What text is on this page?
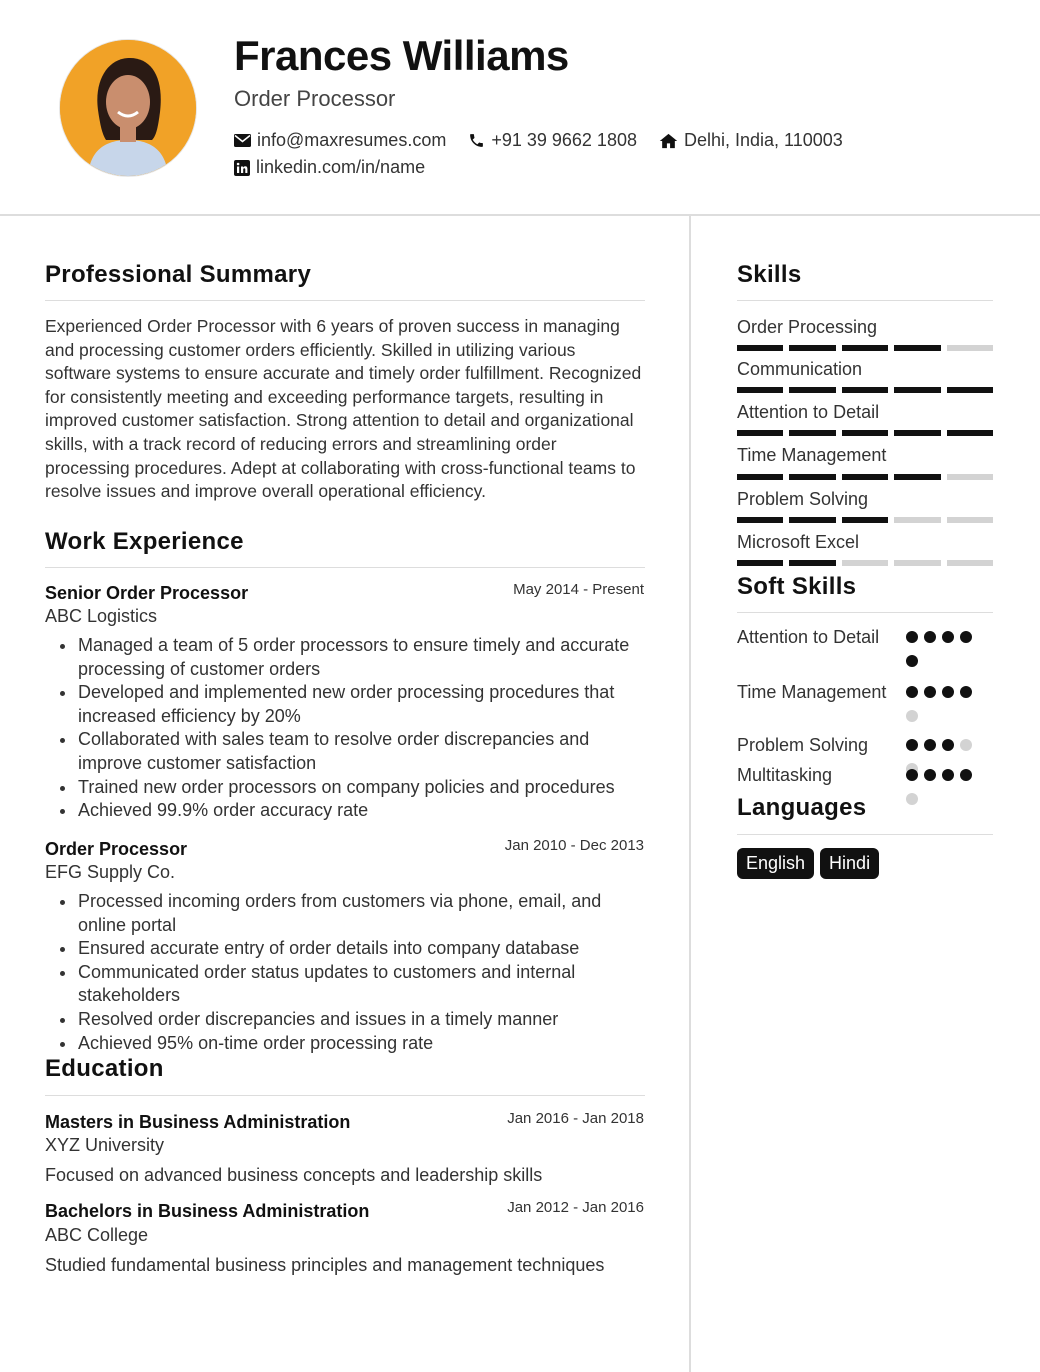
Frances Williams
Order Processor
info@maxresumes.com	+91 39 9662 1808	Delhi, India, 110003
linkedin.com/in/name
Professional Summary

Experienced Order Processor with 6 years of proven success in managing and processing customer orders efficiently. Skilled in utilizing various software systems to ensure accurate and timely order fulfillment. Recognized for consistently meeting and exceeding performance targets, resulting in improved customer satisfaction. Strong attention to detail and organizational skills, with a track record of reducing errors and streamlining order processing procedures. Adept at collaborating with cross-functional teams to resolve issues and improve overall operational efficiency.

Work Experience
Senior Order Processor	May 2014 - Present
ABC Logistics
Managed a team of 5 order processors to ensure timely and accurate processing of customer orders
Developed and implemented new order processing procedures that increased efficiency by 20%
Collaborated with sales team to resolve order discrepancies and improve customer satisfaction
Trained new order processors on company policies and procedures
Achieved 99.9% order accuracy rate
Order Processor	Jan 2010 - Dec 2013
EFG Supply Co.
Processed incoming orders from customers via phone, email, and online portal
Ensured accurate entry of order details into company database
Communicated order status updates to customers and internal stakeholders
Resolved order discrepancies and issues in a timely manner
Achieved 95% on-time order processing rate
Education
Masters in Business Administration	Jan 2016 - Jan 2018
XYZ University
Focused on advanced business concepts and leadership skills
Bachelors in Business Administration	Jan 2012 - Jan 2016
ABC College
Studied fundamental business principles and management techniques
Skills
Order Processing
Communication
Attention to Detail
Time Management
Problem Solving
Microsoft Excel
Soft Skills
Attention to Detail
Time Management
Problem Solving
Multitasking
Languages
English	Hindi
